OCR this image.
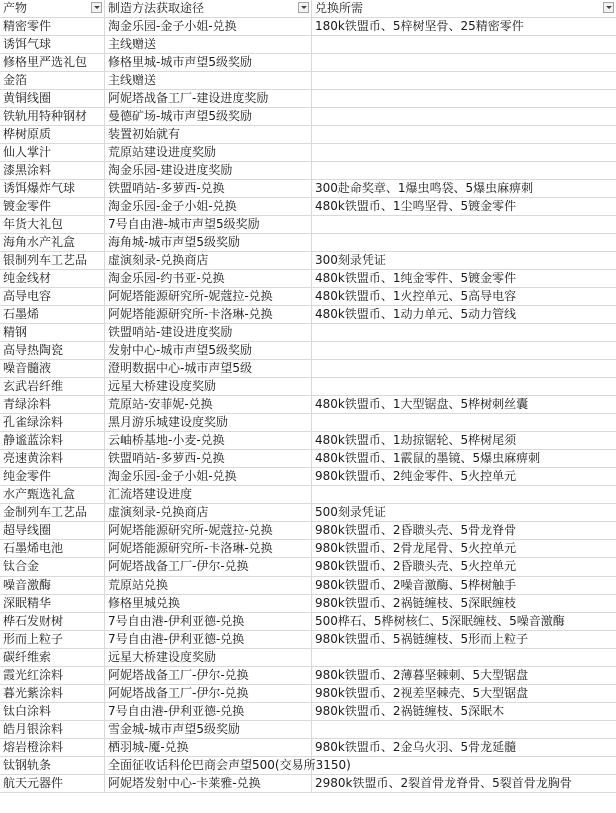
产物	制造方法获取途径	兑换所需
精密零件	淘金乐园-金子小姐-兑换	180k铁盟币、5梓树坚骨、25精密零件
诱饵气球	主线赠送
修格里严选礼包	修格里城-城市声望5级奖励
金箔	主线赠送
黄铜线圈	阿妮塔战备工厂-建设进度奖励
铁轨用特种钢材	曼德矿场-城市声望5级奖励
桦树原质	装置初始就有
仙人掌汁	荒原站建设进度奖励
漆黑涂料	淘金乐园-建设进度奖励
诱饵爆炸气球	铁盟哨站-多萝西-兑换	300赴命奖章、1爆虫鸣袋、5爆虫麻痹刺
镀金零件	淘金乐园-金子小姐-兑换	480k铁盟币、1尘鸣坚骨、5镀金零件
年货大礼包	7号自由港-城市声望5级奖励
海角水产礼盒	海角城-城市声望5级奖励
银制列车工艺品	虚演刻录-兑换商店	300刻录凭证
纯金线材	淘金乐园-约书亚-兑换	480k铁盟币、1纯金零件、5镀金零件
高导电容	阿妮塔能源研究所-妮蔻拉-兑换	480k铁盟币、1火控单元、5高导电容
石墨烯	阿妮塔能源研究所-卡洛琳-兑换	480k铁盟币、1动力单元、5动力管线
精钢	铁盟哨站-建设进度奖励
高导热陶瓷	发射中心-城市声望5级奖励
噪音髓液	澄明数据中心-城市声望5级
玄武岩纤维	远星大桥建设度奖励
青绿涂料	荒原站-安菲妮-兑换	480k铁盟币、1大型锯盘、5桦树刺丝囊
孔雀绿涂料	黑月游乐城建设度奖励
静谧蓝涂料	云岫桥基地-小麦-兑换	480k铁盟币、1劫掠锯轮、5桦树尾须
亮速黄涂料	铁盟哨站-多萝西-兑换	480k铁盟币、1霰鼠的墨镜、5爆虫麻痹刺
纯金零件	淘金乐园-金子小姐-兑换	980k铁盟币、2纯金零件、5火控单元
水产甄选礼盒	汇流塔建设进度
金制列车工艺品	虚演刻录-兑换商店	500刻录凭证
超导线圈	阿妮塔能源研究所-妮蔻拉-兑换	980k铁盟币、2昏聩头壳、5骨龙脊骨
石墨烯电池	阿妮塔能源研究所-卡洛琳-兑换	980k铁盟币、2骨龙尾骨、5火控单元
钛合金	阿妮塔战备工厂-伊尔-兑换	980k铁盟币、2昏聩头壳、5火控单元
噪音激酶	荒原站兑换	980k铁盟币、2噪音激酶、5桦树触手
深眠精华	修格里城兑换	980k铁盟币、2祸链缠枝、5深眠缠枝
桦石发财树	7号自由港-伊利亚德-兑换	500桦石、5桦树核仁、5深眠缠枝、5噪音激酶
形而上粒子	7号自由港-伊利亚德-兑换	980k铁盟币、5祸链缠枝、5形而上粒子
碳纤维索	远星大桥建设度奖励
霞光红涂料	阿妮塔战备工厂-伊尔-兑换	980k铁盟币、2薄暮坚棘刺、5大型锯盘
暮光紫涂料	阿妮塔战备工厂-伊尔-兑换	980k铁盟币、2视差坚棘壳、5大型锯盘
钛白涂料	7号自由港-伊利亚德-兑换	980k铁盟币、2祸链缠枝、5深眠木
皓月银涂料	雪金城-城市声望5级奖励
熔岩橙涂料	栖羽城-魇-兑换	980k铁盟币、2金乌火羽、5骨龙延髓
钛钢轨条	全面征收话科伦巴商会声望500(交易所3150)
航天元器件	阿妮塔发射中心-卡莱雅-兑换	2980k铁盟币、2裂首骨龙脊骨、5裂首骨龙胸骨
